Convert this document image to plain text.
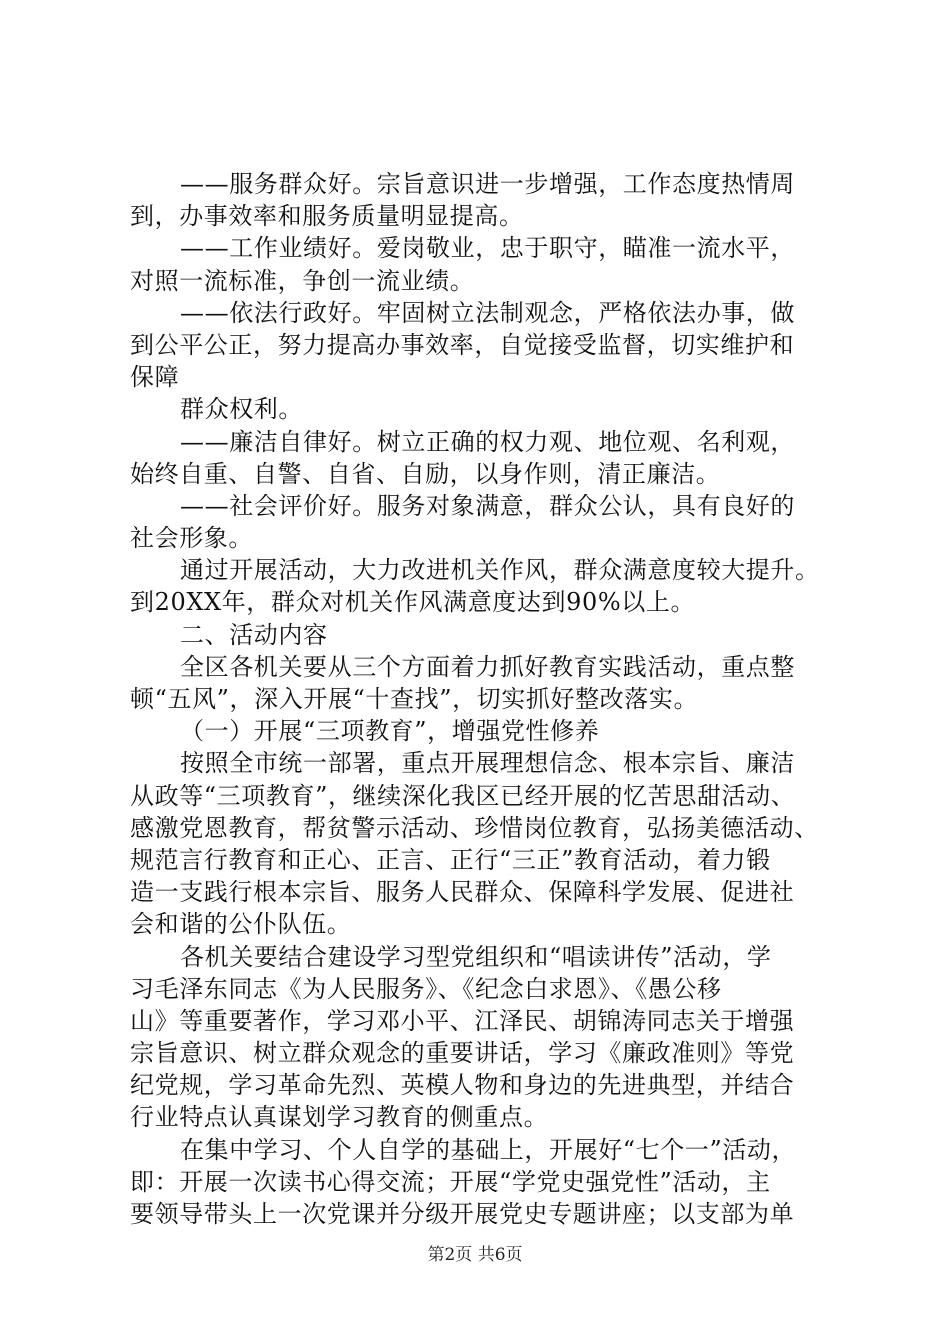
——服务群众好。宗旨意识进一步增强，工作态度热情周
到，办事效率和服务质量明显提高。
——工作业绩好。爱岗敬业，忠于职守，瞄准一流水平，
对照一流标准，争创一流业绩。
——依法行政好。牢固树立法制观念，严格依法办事，做
到公平公正，努力提高办事效率，自觉接受监督，切实维护和
保障
群众权利。
——廉洁自律好。树立正确的权力观、地位观、名利观，
始终自重、自警、自省、自励，以身作则，清正廉洁。
——社会评价好。服务对象满意，群众公认，具有良好的
社会形象。
通过开展活动，大力改进机关作风，群众满意度较大提升。
到20XX年，群众对机关作风满意度达到90%以上。
二、活动内容
全区各机关要从三个方面着力抓好教育实践活动，重点整
顿“五风”，深入开展“十查找”，切实抓好整改落实。
（一）开展“三项教育”，增强党性修养
按照全市统一部署，重点开展理想信念、根本宗旨、廉洁
从政等“三项教育”，继续深化我区已经开展的忆苦思甜活动、
感激党恩教育，帮贫警示活动、珍惜岗位教育，弘扬美德活动、
规范言行教育和正心、正言、正行“三正”教育活动，着力锻
造一支践行根本宗旨、服务人民群众、保障科学发展、促进社
会和谐的公仆队伍。
各机关要结合建设学习型党组织和“唱读讲传”活动，学
习毛泽东同志《为人民服务》、《纪念白求恩》、《愚公移
山》等重要著作，学习邓小平、江泽民、胡锦涛同志关于增强
宗旨意识、树立群众观念的重要讲话，学习《廉政准则》等党
纪党规，学习革命先烈、英模人物和身边的先进典型，并结合
行业特点认真谋划学习教育的侧重点。
在集中学习、个人自学的基础上，开展好“七个一”活动，
即：开展一次读书心得交流；开展“学党史强党性”活动，主
要领导带头上一次党课并分级开展党史专题讲座；以支部为单
第2页 共6页
